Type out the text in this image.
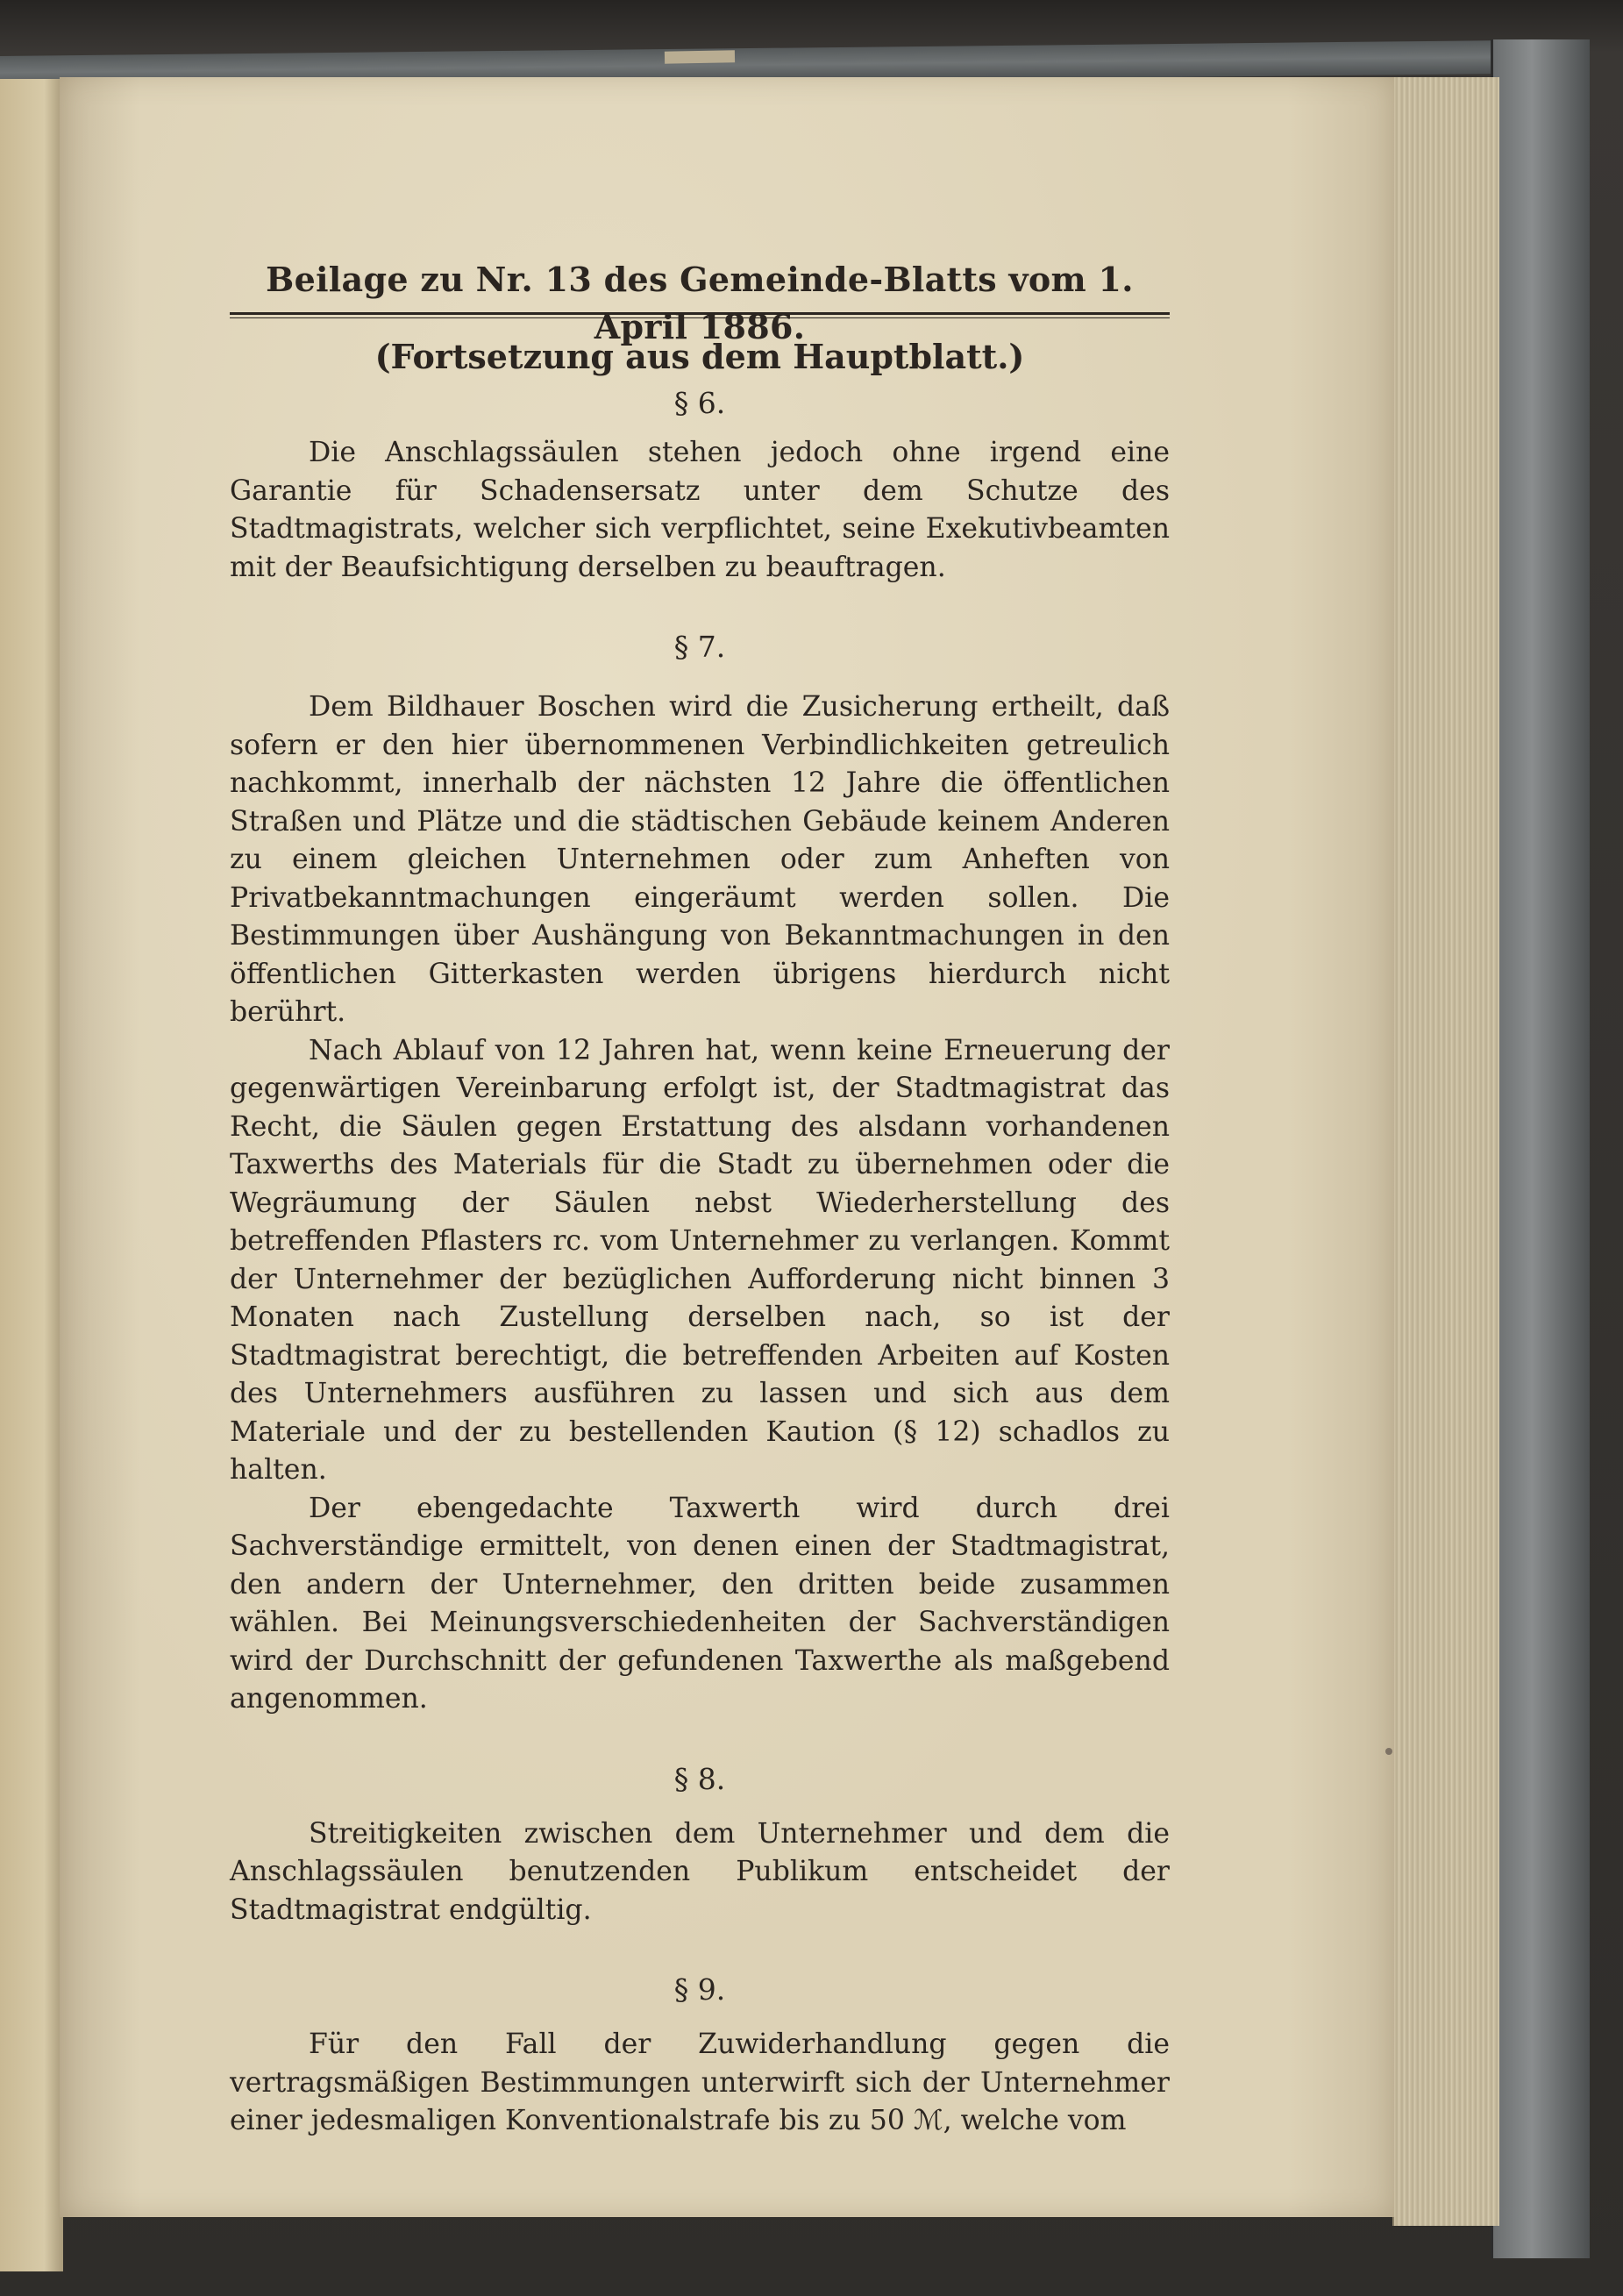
Beilage zu Nr. 13 des Gemeinde-Blatts vom 1. April 1886.
(Fortsetzung aus dem Hauptblatt.)
§ 6.

Die Anschlagssäulen stehen jedoch ohne irgend eine Garantie für Schadensersatz unter dem Schutze des Stadtmagistrats, welcher sich verpflichtet, seine Exekutivbeamten mit der Beaufsichtigung derselben zu beauftragen.

§ 7.

Dem Bildhauer Boschen wird die Zusicherung ertheilt, daß sofern er den hier übernommenen Verbindlichkeiten getreulich nachkommt, innerhalb der nächsten 12 Jahre die öffentlichen Straßen und Plätze und die städtischen Gebäude keinem Anderen zu einem gleichen Unternehmen oder zum Anheften von Privatbekanntmachungen eingeräumt werden sollen. Die Bestimmungen über Aushängung von Bekanntmachungen in den öffentlichen Gitterkasten werden übrigens hierdurch nicht berührt.

Nach Ablauf von 12 Jahren hat, wenn keine Erneuerung der gegenwärtigen Vereinbarung erfolgt ist, der Stadtmagistrat das Recht, die Säulen gegen Erstattung des alsdann vorhandenen Taxwerths des Materials für die Stadt zu übernehmen oder die Wegräumung der Säulen nebst Wiederherstellung des betreffenden Pflasters rc. vom Unternehmer zu verlangen. Kommt der Unternehmer der bezüglichen Aufforderung nicht binnen 3 Monaten nach Zustellung derselben nach, so ist der Stadtmagistrat berechtigt, die betreffenden Arbeiten auf Kosten des Unternehmers ausführen zu lassen und sich aus dem Materiale und der zu bestellenden Kaution (§ 12) schadlos zu halten.

Der ebengedachte Taxwerth wird durch drei Sachverständige ermittelt, von denen einen der Stadtmagistrat, den andern der Unternehmer, den dritten beide zusammen wählen. Bei Meinungsverschiedenheiten der Sachverständigen wird der Durchschnitt der gefundenen Taxwerthe als maßgebend angenommen.

§ 8.

Streitigkeiten zwischen dem Unternehmer und dem die Anschlagssäulen benutzenden Publikum entscheidet der Stadtmagistrat endgültig.

§ 9.

Für den Fall der Zuwiderhandlung gegen die vertragsmäßigen Bestimmungen unterwirft sich der Unternehmer einer jedesmaligen Konventionalstrafe bis zu 50 ℳ, welche vom
